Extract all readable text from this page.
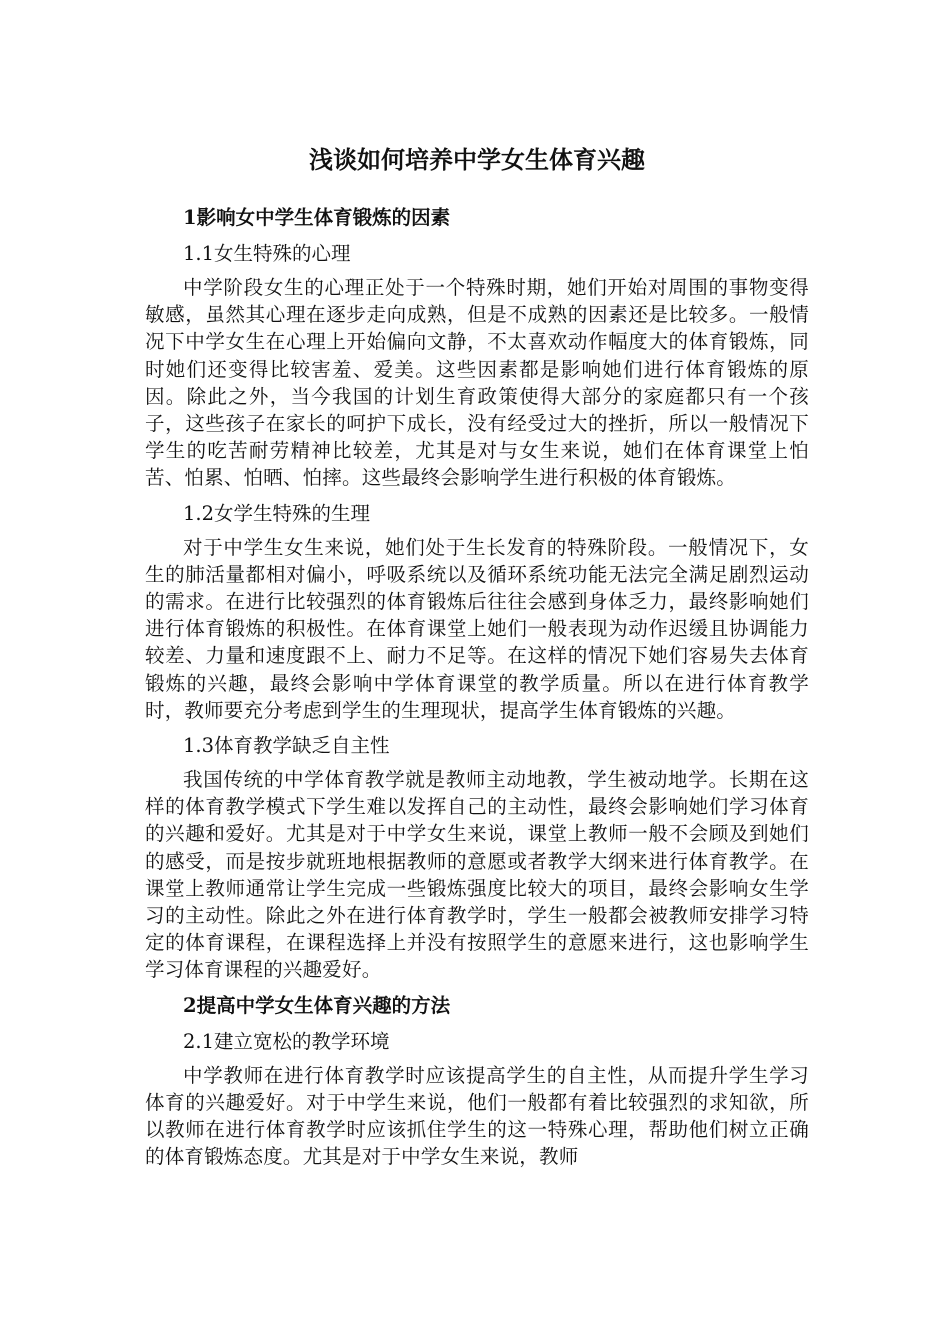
浅谈如何培养中学女生体育兴趣
1影响女中学生体育锻炼的因素
1.1女生特殊的心理

中学阶段女生的心理正处于一个特殊时期，她们开始对周围的事物变得敏感，虽然其心理在逐步走向成熟，但是不成熟的因素还是比较多。一般情况下中学女生在心理上开始偏向文静，不太喜欢动作幅度大的体育锻炼，同时她们还变得比较害羞、爱美。这些因素都是影响她们进行体育锻炼的原因。除此之外，当今我国的计划生育政策使得大部分的家庭都只有一个孩子，这些孩子在家长的呵护下成长，没有经受过大的挫折，所以一般情况下学生的吃苦耐劳精神比较差，尤其是对与女生来说，她们在体育课堂上怕苦、怕累、怕晒、怕摔。这些最终会影响学生进行积极的体育锻炼。

1.2女学生特殊的生理

对于中学生女生来说，她们处于生长发育的特殊阶段。一般情况下，女生的肺活量都相对偏小，呼吸系统以及循环系统功能无法完全满足剧烈运动的需求。在进行比较强烈的体育锻炼后往往会感到身体乏力，最终影响她们进行体育锻炼的积极性。在体育课堂上她们一般表现为动作迟缓且协调能力较差、力量和速度跟不上、耐力不足等。在这样的情况下她们容易失去体育锻炼的兴趣，最终会影响中学体育课堂的教学质量。所以在进行体育教学时，教师要充分考虑到学生的生理现状，提高学生体育锻炼的兴趣。

1.3体育教学缺乏自主性

我国传统的中学体育教学就是教师主动地教，学生被动地学。长期在这样的体育教学模式下学生难以发挥自己的主动性，最终会影响她们学习体育的兴趣和爱好。尤其是对于中学女生来说，课堂上教师一般不会顾及到她们的感受，而是按步就班地根据教师的意愿或者教学大纲来进行体育教学。在课堂上教师通常让学生完成一些锻炼强度比较大的项目，最终会影响女生学习的主动性。除此之外在进行体育教学时，学生一般都会被教师安排学习特定的体育课程，在课程选择上并没有按照学生的意愿来进行，这也影响学生学习体育课程的兴趣爱好。

2提高中学女生体育兴趣的方法
2.1建立宽松的教学环境

中学教师在进行体育教学时应该提高学生的自主性，从而提升学生学习体育的兴趣爱好。对于中学生来说，他们一般都有着比较强烈的求知欲，所以教师在进行体育教学时应该抓住学生的这一特殊心理，帮助他们树立正确的体育锻炼态度。尤其是对于中学女生来说，教师
